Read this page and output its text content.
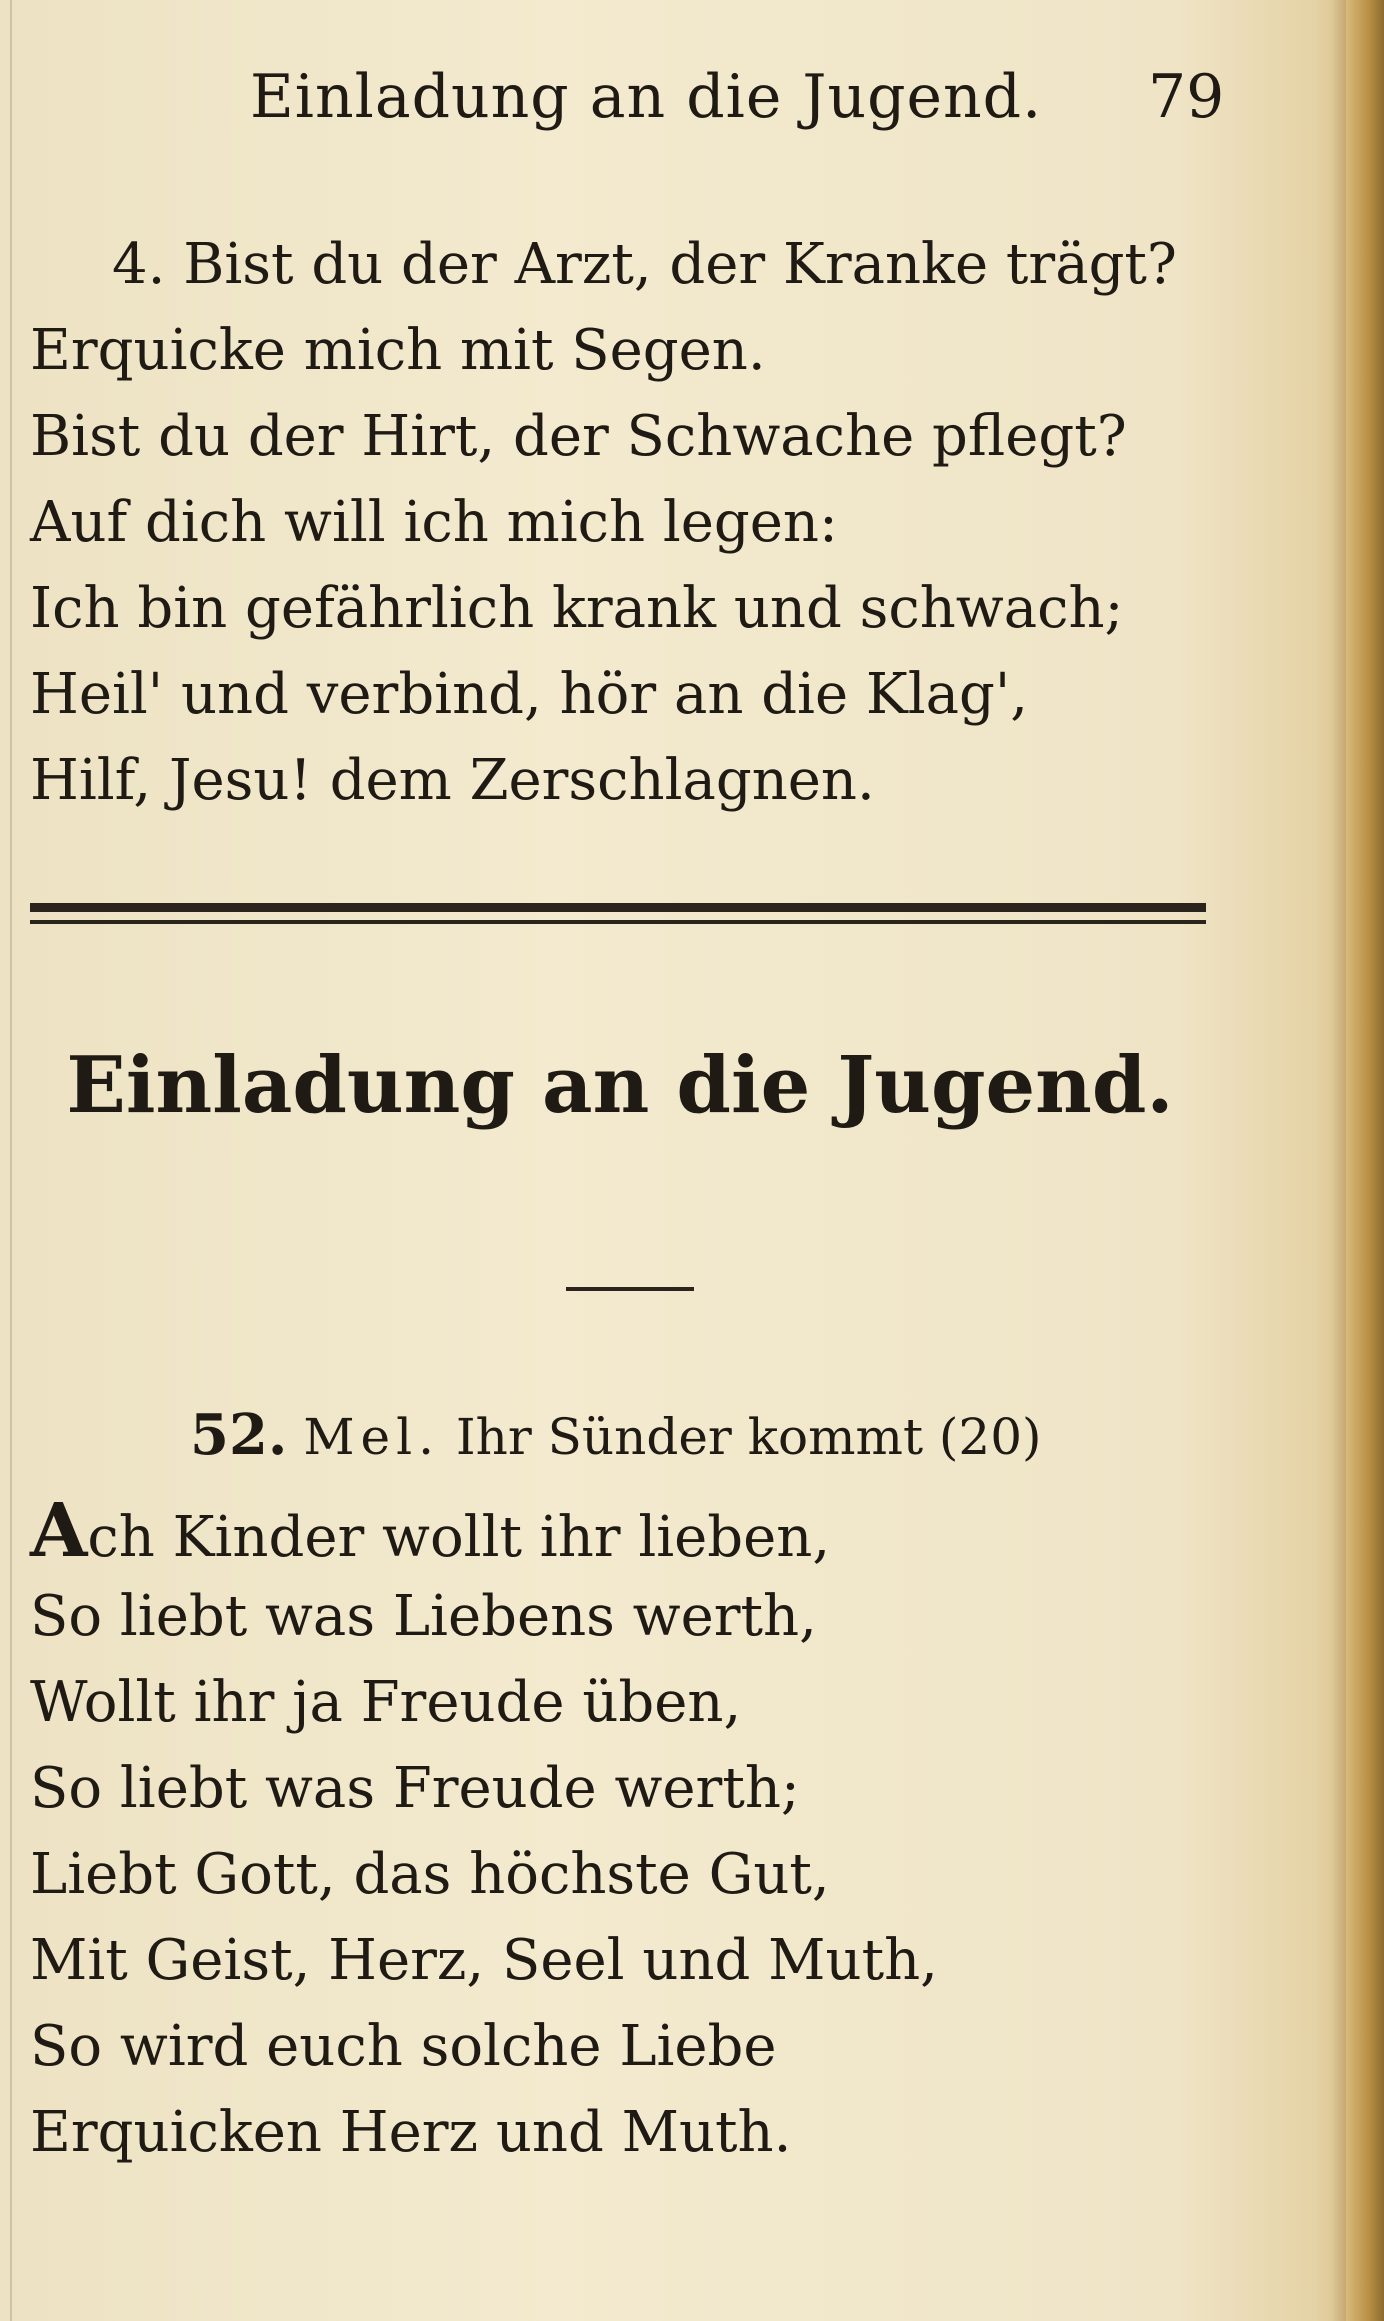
Einladung an die Jugend. 79
4. Bist du der Arzt, der Kranke trägt?
Erquicke mich mit Segen.
Bist du der Hirt, der Schwache pflegt?
Auf dich will ich mich legen:
Ich bin gefährlich krank und schwach;
Heil' und verbind, hör an die Klag',
Hilf, Jesu! dem Zerschlagnen.
Einladung an die Jugend.
52. Mel. Ihr Sünder kommt (20)
Ach Kinder wollt ihr lieben,
So liebt was Liebens werth,
Wollt ihr ja Freude üben,
So liebt was Freude werth;
Liebt Gott, das höchste Gut,
Mit Geist, Herz, Seel und Muth,
So wird euch solche Liebe
Erquicken Herz und Muth.
